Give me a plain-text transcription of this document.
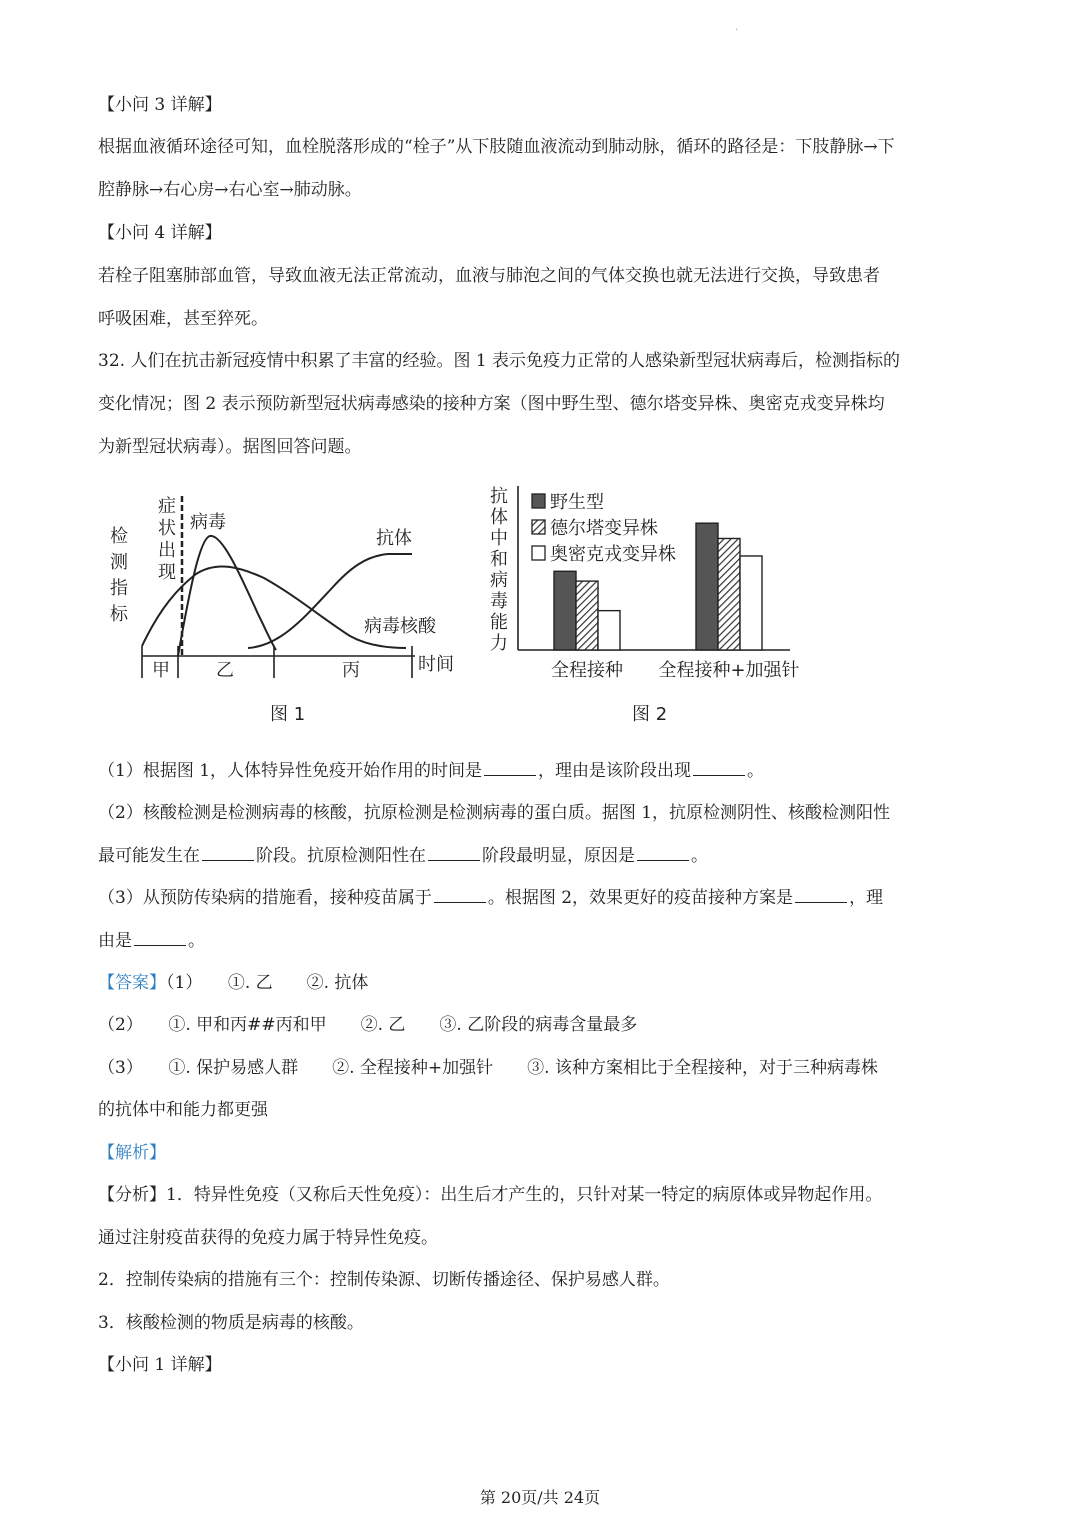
.
【小问 3 详解】
根据血液循环途径可知，血栓脱落形成的“栓子”从下肢随血液流动到肺动脉，循环的路径是：下肢静脉→下
腔静脉→右心房→右心室→肺动脉。
【小问 4 详解】
若栓子阻塞肺部血管，导致血液无法正常流动，血液与肺泡之间的气体交换也就无法进行交换，导致患者
呼吸困难，甚至猝死。
32. 人们在抗击新冠疫情中积累了丰富的经验。图 1 表示免疫力正常的人感染新型冠状病毒后，检测指标的
变化情况；图 2 表示预防新型冠状病毒感染的接种方案（图中野生型、德尔塔变异株、奥密克戎变异株均
为新型冠状病毒）。据图回答问题。
检
测
指
标
症
状
出
现
病毒
抗体
病毒核酸
甲	乙	丙	时间
图 1
抗
体
中
和
病
毒
能
力
全程接种 全程接种+加强针
野生型
德尔塔变异株
奥密克戎变异株
图 2
（1）根据图 1，人体特异性免疫开始作用的时间是	，理由是该阶段出现	。
（2）核酸检测是检测病毒的核酸，抗原检测是检测病毒的蛋白质。据图 1，抗原检测阴性、核酸检测阳性
最可能发生在	阶段。抗原检测阳性在	阶段最明显，原因是	。
（3）从预防传染病的措施看，接种疫苗属于	。根据图 2，效果更好的疫苗接种方案是	，理
由是	。
【答案】（1）　　①. 乙　　②. 抗体
（2）　　①. 甲和丙##丙和甲　　②. 乙　　③. 乙阶段的病毒含量最多
（3）　　①. 保护易感人群　　②. 全程接种+加强针　　③. 该种方案相比于全程接种，对于三种病毒株
的抗体中和能力都更强
【解析】
【分析】1．特异性免疫（又称后天性免疫）：出生后才产生的，只针对某一特定的病原体或异物起作用。
通过注射疫苗获得的免疫力属于特异性免疫。
2．控制传染病的措施有三个：控制传染源、切断传播途径、保护易感人群。
3．核酸检测的物质是病毒的核酸。
【小问 1 详解】
第 20页/共 24页
